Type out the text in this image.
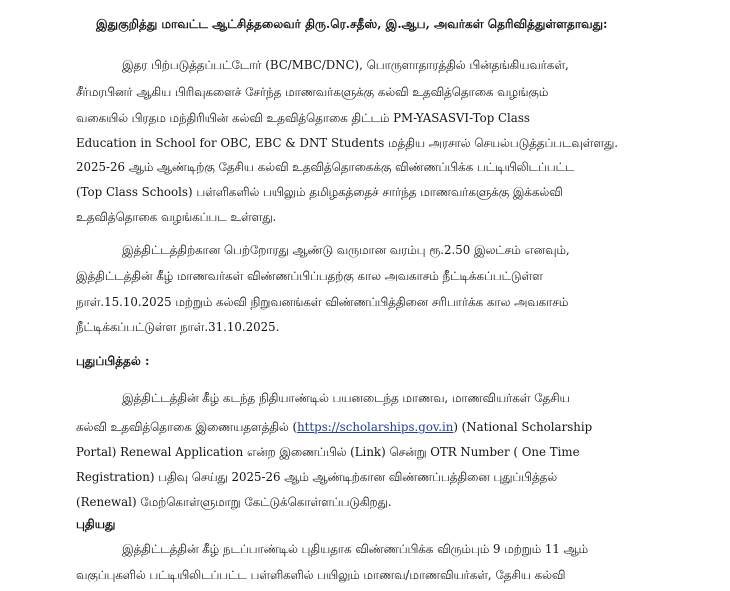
இதுகுறித்து மாவட்ட ஆட்சித்தலைவர் திரு.ரெ.சதீஸ், இ.ஆப, அவர்கள் தெரிவித்துள்ளதாவது:
இதர பிற்படுத்தப்பட்டோர் (BC/MBC/DNC), பொருளாதாரத்தில் பின்தங்கியவர்கள்,
சீர்மரபினர் ஆகிய பிரிவுகளைச் சேர்ந்த மாணவர்களுக்கு கல்வி உதவித்தொகை வழங்கும்
வகையில் பிரதம மந்திரியின் கல்வி உதவித்தொகை திட்டம் PM-YASASVI-Top Class
Education in School for OBC, EBC & DNT Students மத்திய அரசால் செயல்படுத்தப்படவுள்ளது.
2025-26 ஆம் ஆண்டிற்கு தேசிய கல்வி உதவித்தொகைக்கு விண்ணப்பிக்க பட்டியிலிடப்பட்ட
(Top Class Schools) பள்ளிகளில் பயிலும் தமிழகத்தைச் சார்ந்த மாணவர்களுக்கு இக்கல்வி
உதவித்தொகை வழங்கப்பட உள்ளது.
இத்திட்டத்திற்கான பெற்றோரது ஆண்டு வருமான வரம்பு ரூ.2.50 இலட்சம் எனவும்,
இத்திட்டத்தின் கீழ் மாணவர்கள் விண்ணப்பிப்பதற்கு கால அவகாசம் நீட்டிக்கப்பட்டுள்ள
நாள்.15.10.2025 மற்றும் கல்வி நிறுவனங்கள் விண்ணப்பித்தினை சரிபார்க்க கால அவகாசம்
நீட்டிக்கப்பட்டுள்ள நாள்.31.10.2025.
புதுப்பித்தல் :
இத்திட்டத்தின் கீழ் கடந்த நிதியாண்டில் பயனடைந்த மாணவ, மாணவியர்கள் தேசிய
கல்வி உதவித்தொகை இணையதளத்தில் (https://scholarships.gov.in) (National Scholarship
Portal) Renewal Application என்ற இணைப்பில் (Link) சென்று OTR Number ( One Time
Registration) பதிவு செய்து 2025-26 ஆம் ஆண்டிற்கான விண்ணப்பத்தினை புதுப்பித்தல்
(Renewal) மேற்கொள்ளுமாறு கேட்டுக்கொள்ளப்படுகிறது.
புதியது
இத்திட்டத்தின் கீழ் நடப்பாண்டில் புதியதாக விண்ணப்பிக்க விரும்பும் 9 மற்றும் 11 ஆம்
வகுப்புகளில் பட்டியிலிடப்பட்ட பள்ளிகளில் பயிலும் மாணவ/மாணவியர்கள், தேசிய கல்வி
